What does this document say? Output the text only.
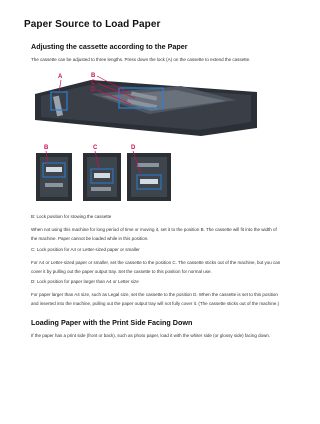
Paper Source to Load Paper
Adjusting the cassette according to the Paper

The cassette can be adjusted to three lengths. Press down the lock (A) on the cassette to extend the cassette.

A	B
C
D
B	C	D

B: Lock position for stowing the cassette

When not using this machine for long period of time or moving it, set it to the position B. The cassette will fit into the width of the machine. Paper cannot be loaded while in this position.

C: Lock position for A4 or Letter-sized paper or smaller

For A4 or Letter-sized paper or smaller, set the cassette to the position C. The cassette sticks out of the machine, but you can cover it by pulling out the paper output tray. Set the cassette to this position for normal use.

D: Lock position for paper larger than A4 or Letter size

For paper larger than A4 size, such as Legal size, set the cassette to the position D. When the cassette is set to this position and inserted into the machine, pulling out the paper output tray will not fully cover it. (The cassette sticks out of the machine.)

Loading Paper with the Print Side Facing Down

If the paper has a print side (front or back), such as photo paper, load it with the whiter side (or glossy side) facing down.
